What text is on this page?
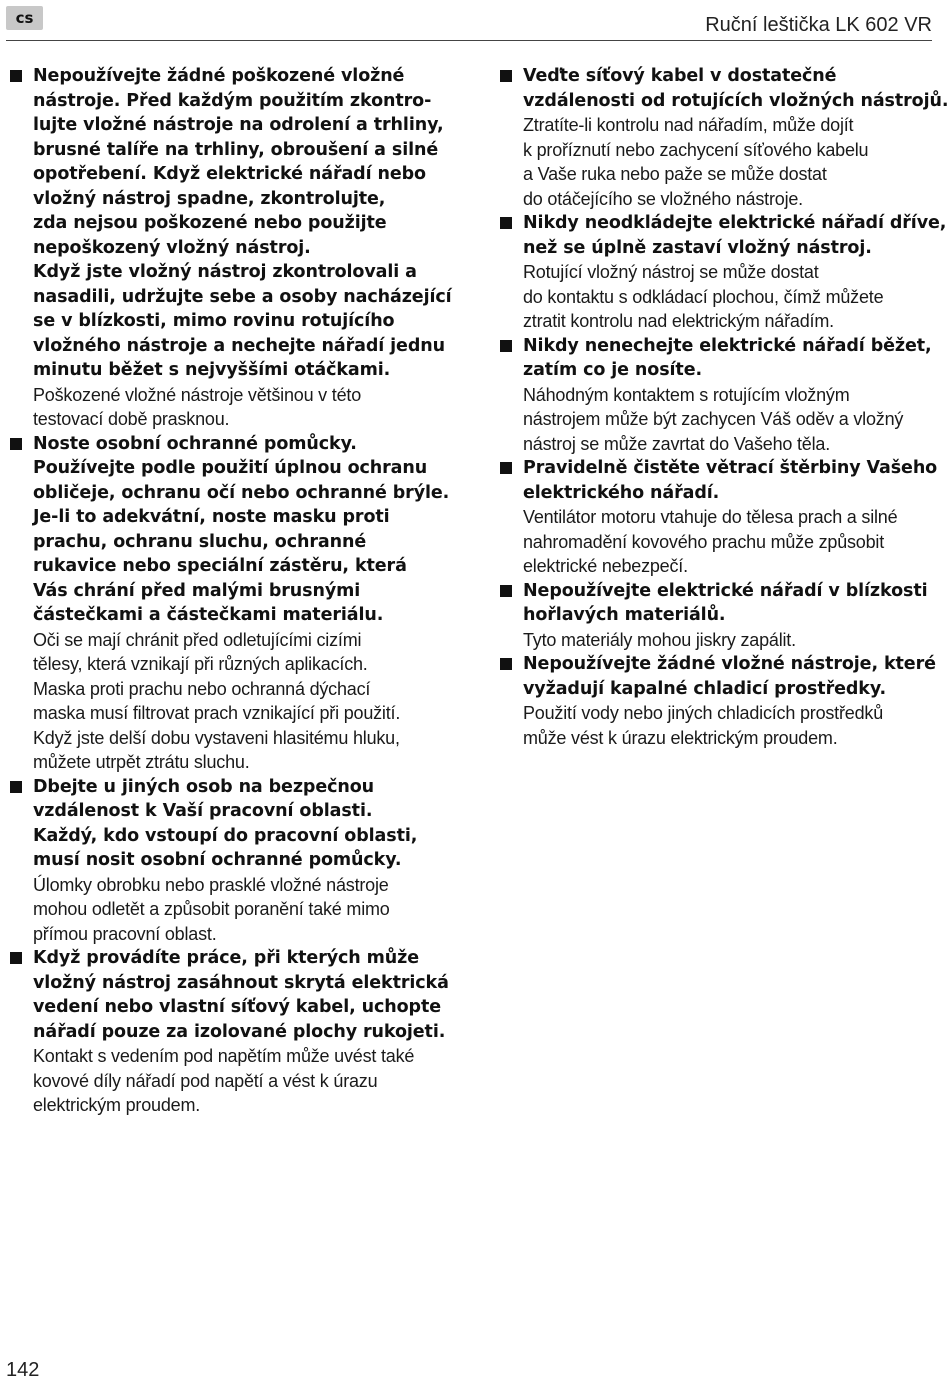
cs	Ruční leštička LK 602 VR
Nepoužívejte žádné poškozené vložné
nástroje. Před každým použitím zkontro-
lujte vložné nástroje na odrolení a trhliny,
brusné talíře na trhliny, obroušení a silné
opotřebení. Když elektrické nářadí nebo
vložný nástroj spadne, zkontrolujte,
zda nejsou poškozené nebo použijte
nepoškozený vložný nástroj.
Když jste vložný nástroj zkontrolovali a
nasadili, udržujte sebe a osoby nacházející
se v blízkosti, mimo rovinu rotujícího
vložného nástroje a nechejte nářadí jednu
minutu běžet s nejvyššími otáčkami.
Poškozené vložné nástroje většinou v této
testovací době prasknou.
Noste osobní ochranné pomůcky.
Používejte podle použití úplnou ochranu
obličeje, ochranu očí nebo ochranné brýle.
Je-li to adekvátní, noste masku proti
prachu, ochranu sluchu, ochranné
rukavice nebo speciální zástěru, která
Vás chrání před malými brusnými
částečkami a částečkami materiálu.
Oči se mají chránit před odletujícími cizími
tělesy, která vznikají při různých aplikacích.
Maska proti prachu nebo ochranná dýchací
maska musí filtrovat prach vznikající při použití.
Když jste delší dobu vystaveni hlasitému hluku,
můžete utrpět ztrátu sluchu.
Dbejte u jiných osob na bezpečnou
vzdálenost k Vaší pracovní oblasti.
Každý, kdo vstoupí do pracovní oblasti,
musí nosit osobní ochranné pomůcky.
Úlomky obrobku nebo prasklé vložné nástroje
mohou odletět a způsobit poranění také mimo
přímou pracovní oblast.
Když provádíte práce, při kterých může
vložný nástroj zasáhnout skrytá elektrická
vedení nebo vlastní síťový kabel, uchopte
nářadí pouze za izolované plochy rukojeti.
Kontakt s vedením pod napětím může uvést také
kovové díly nářadí pod napětí a vést k úrazu
elektrickým proudem.
Veďte síťový kabel v dostatečné
vzdálenosti od rotujících vložných nástrojů.
Ztratíte-li kontrolu nad nářadím, může dojít
k proříznutí nebo zachycení síťového kabelu
a Vaše ruka nebo paže se může dostat
do otáčejícího se vložného nástroje.
Nikdy neodkládejte elektrické nářadí dříve,
než se úplně zastaví vložný nástroj.
Rotující vložný nástroj se může dostat
do kontaktu s odkládací plochou, čímž můžete
ztratit kontrolu nad elektrickým nářadím.
Nikdy nenechejte elektrické nářadí běžet,
zatím co je nosíte.
Náhodným kontaktem s rotujícím vložným
nástrojem může být zachycen Váš oděv a vložný
nástroj se může zavrtat do Vašeho těla.
Pravidelně čistěte větrací štěrbiny Vašeho
elektrického nářadí.
Ventilátor motoru vtahuje do tělesa prach a silné
nahromadění kovového prachu může způsobit
elektrické nebezpečí.
Nepoužívejte elektrické nářadí v blízkosti
hořlavých materiálů.
Tyto materiály mohou jiskry zapálit.
Nepoužívejte žádné vložné nástroje, které
vyžadují kapalné chladicí prostředky.
Použití vody nebo jiných chladicích prostředků
může vést k úrazu elektrickým proudem.
142
